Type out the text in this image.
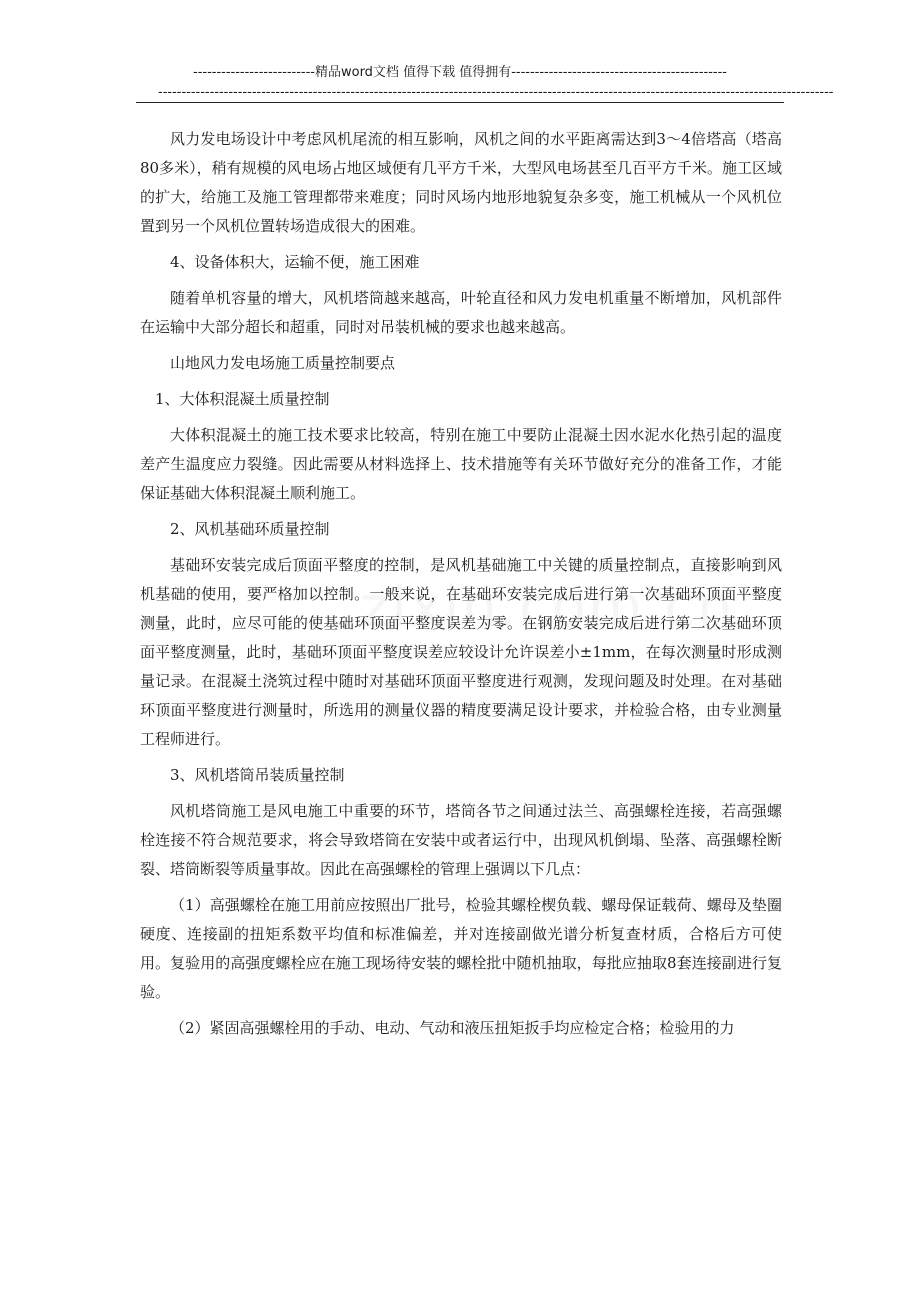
--------------------------精品word文档 值得下载 值得拥有----------------------------------------------
------------------------------------------------------------------------------------------------------------------------------------------------

风力发电场设计中考虑风机尾流的相互影响，风机之间的水平距离需达到3～4倍塔高（塔高80多米），稍有规模的风电场占地区域便有几平方千米，大型风电场甚至几百平方千米。施工区域的扩大，给施工及施工管理都带来难度；同时风场内地形地貌复杂多变，施工机械从一个风机位置到另一个风机位置转场造成很大的困难。

4、设备体积大，运输不便，施工困难

随着单机容量的增大，风机塔筒越来越高，叶轮直径和风力发电机重量不断增加，风机部件在运输中大部分超长和超重，同时对吊装机械的要求也越来越高。

山地风力发电场施工质量控制要点

1、大体积混凝土质量控制

大体积混凝土的施工技术要求比较高，特别在施工中要防止混凝土因水泥水化热引起的温度差产生温度应力裂缝。因此需要从材料选择上、技术措施等有关环节做好充分的准备工作，才能保证基础大体积混凝土顺利施工。

2、风机基础环质量控制

基础环安装完成后顶面平整度的控制，是风机基础施工中关键的质量控制点，直接影响到风机基础的使用，要严格加以控制。一般来说，在基础环安装完成后进行第一次基础环顶面平整度测量，此时，应尽可能的使基础环顶面平整度误差为零。在钢筋安装完成后进行第二次基础环顶面平整度测量，此时，基础环顶面平整度误差应较设计允许误差小±1mm，在每次测量时形成测量记录。在混凝土浇筑过程中随时对基础环顶面平整度进行观测，发现问题及时处理。在对基础环顶面平整度进行测量时，所选用的测量仪器的精度要满足设计要求，并检验合格，由专业测量工程师进行。

3、风机塔筒吊装质量控制

风机塔筒施工是风电施工中重要的环节，塔筒各节之间通过法兰、高强螺栓连接，若高强螺栓连接不符合规范要求，将会导致塔筒在安装中或者运行中，出现风机倒塌、坠落、高强螺栓断裂、塔筒断裂等质量事故。因此在高强螺栓的管理上强调以下几点：

（1）高强螺栓在施工用前应按照出厂批号，检验其螺栓楔负载、螺母保证载荷、螺母及垫圈硬度、连接副的扭矩系数平均值和标准偏差，并对连接副做光谱分析复查材质，合格后方可使用。复验用的高强度螺栓应在施工现场待安装的螺栓批中随机抽取，每批应抽取8套连接副进行复验。

（2）紧固高强螺栓用的手动、电动、气动和液压扭矩扳手均应检定合格；检验用的力
